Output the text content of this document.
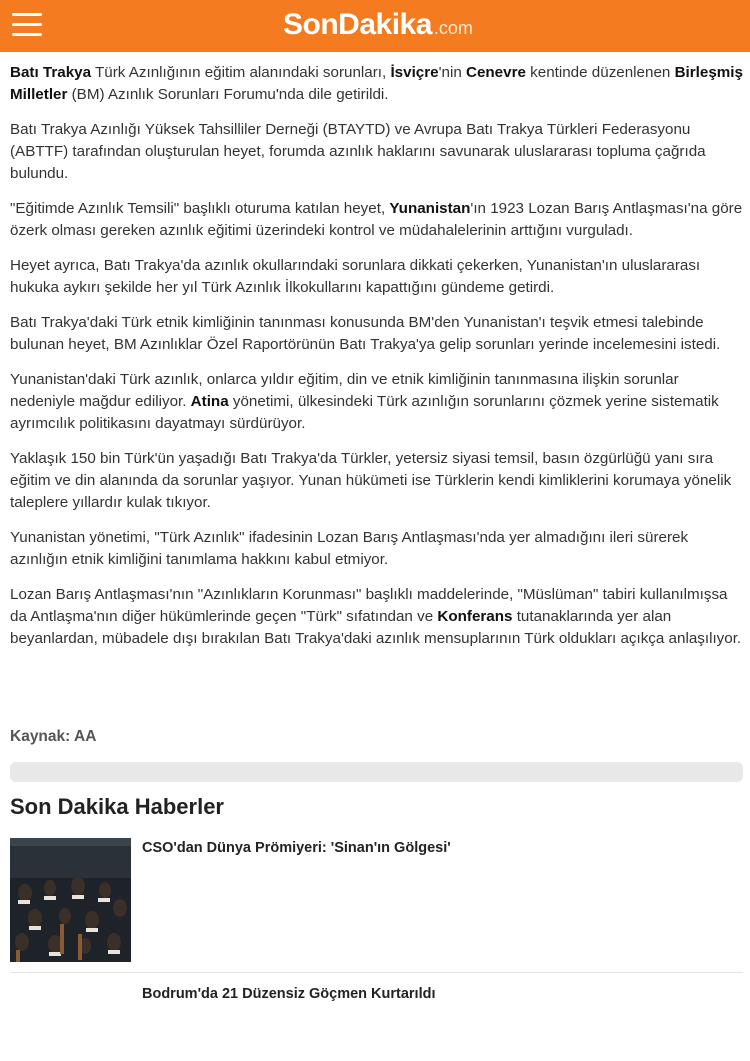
SonDakika .com

Batı Trakya Türk Azınlığının eğitim alanındaki sorunları, İsviçre'nin Cenevre kentinde düzenlenen Birleşmiş Milletler (BM) Azınlık Sorunları Forumu'nda dile getirildi.

Batı Trakya Azınlığı Yüksek Tahsilliler Derneği (BTAYTD) ve Avrupa Batı Trakya Türkleri Federasyonu (ABTTF) tarafından oluşturulan heyet, forumda azınlık haklarını savunarak uluslararası topluma çağrıda bulundu.

"Eğitimde Azınlık Temsili" başlıklı oturuma katılan heyet, Yunanistan'ın 1923 Lozan Barış Antlaşması'na göre özerk olması gereken azınlık eğitimi üzerindeki kontrol ve müdahalelerinin arttığını vurguladı.

Heyet ayrıca, Batı Trakya'da azınlık okullarındaki sorunlara dikkati çekerken, Yunanistan'ın uluslararası hukuka aykırı şekilde her yıl Türk Azınlık İlkokullarını kapattığını gündeme getirdi.

Batı Trakya'daki Türk etnik kimliğinin tanınması konusunda BM'den Yunanistan'ı teşvik etmesi talebinde bulunan heyet, BM Azınlıklar Özel Raportörünün Batı Trakya'ya gelip sorunları yerinde incelemesini istedi.

Yunanistan'daki Türk azınlık, onlarca yıldır eğitim, din ve etnik kimliğinin tanınmasına ilişkin sorunlar nedeniyle mağdur ediliyor. Atina yönetimi, ülkesindeki Türk azınlığın sorunlarını çözmek yerine sistematik ayrımcılık politikasını dayatmayı sürdürüyor.

Yaklaşık 150 bin Türk'ün yaşadığı Batı Trakya'da Türkler, yetersiz siyasi temsil, basın özgürlüğü yanı sıra eğitim ve din alanında da sorunlar yaşıyor. Yunan hükümeti ise Türklerin kendi kimliklerini korumaya yönelik taleplere yıllardır kulak tıkıyor.

Yunanistan yönetimi, "Türk Azınlık" ifadesinin Lozan Barış Antlaşması'nda yer almadığını ileri sürerek azınlığın etnik kimliğini tanımlama hakkını kabul etmiyor.

Lozan Barış Antlaşması'nın "Azınlıkların Korunması" başlıklı maddelerinde, "Müslüman" tabiri kullanılmışsa da Antlaşma'nın diğer hükümlerinde geçen "Türk" sıfatından ve Konferans tutanaklarında yer alan beyanlardan, mübadele dışı bırakılan Batı Trakya'daki azınlık mensuplarının Türk oldukları açıkça anlaşılıyor.

Kaynak: AA
Son Dakika Haberler
CSO'dan Dünya Prömiyeri: 'Sinan'ın Gölgesi'
Bodrum'da 21 Düzensiz Göçmen Kurtarıldı
